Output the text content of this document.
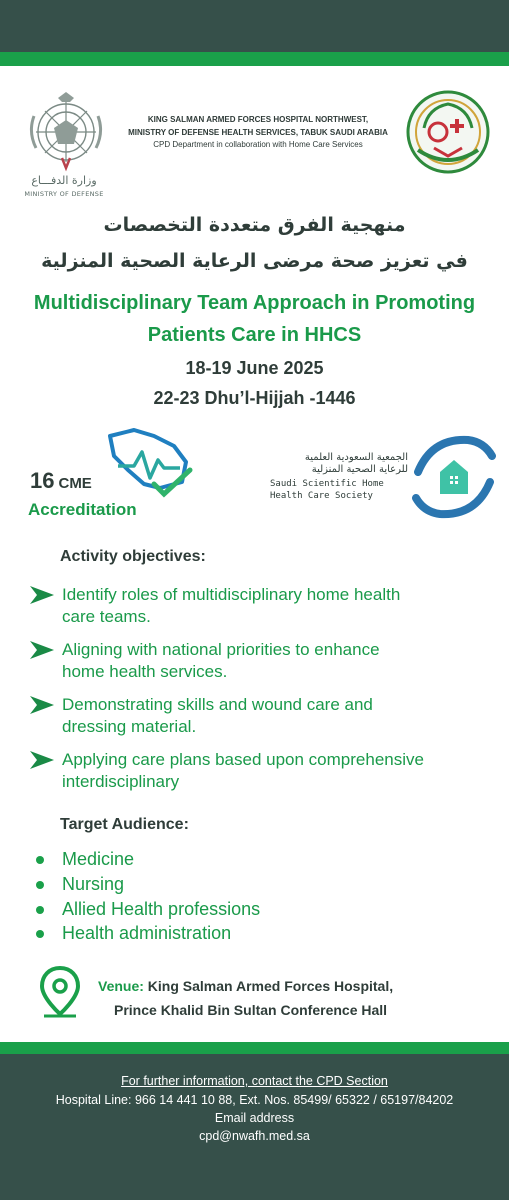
وزارة الدفـــاع
MINISTRY OF DEFENSE
KING SALMAN ARMED FORCES HOSPITAL NORTHWEST,
MINISTRY OF DEFENSE HEALTH SERVICES, TABUK SAUDI ARABIA
CPD Department in collaboration with Home Care Services
منهجية الفرق متعددة التخصصات
في تعزيز صحة مرضى الرعاية الصحية المنزلية
Multidisciplinary Team Approach in Promoting
Patients Care in HHCS
18-19 June 2025
22-23 Dhu’l-Hijjah -1446
16 CME
Accreditation
الجمعية السعودية العلمية
للرعاية الصحية المنزلية
Saudi Scientific Home
Health Care Society
Activity objectives:
Identify roles of multidisciplinary home health
care teams.
Aligning with national priorities to enhance
home health services.
Demonstrating skills and wound care and
dressing material.
Applying care plans based upon comprehensive
interdisciplinary
Target Audience:
Medicine
Nursing
Allied Health professions
Health administration
Venue: King Salman Armed Forces Hospital,
Prince Khalid Bin Sultan Conference Hall
For further information, contact the CPD Section
Hospital Line: 966 14 441 10 88, Ext. Nos. 85499/ 65322 / 65197/84202
Email address
cpd@nwafh.med.sa
